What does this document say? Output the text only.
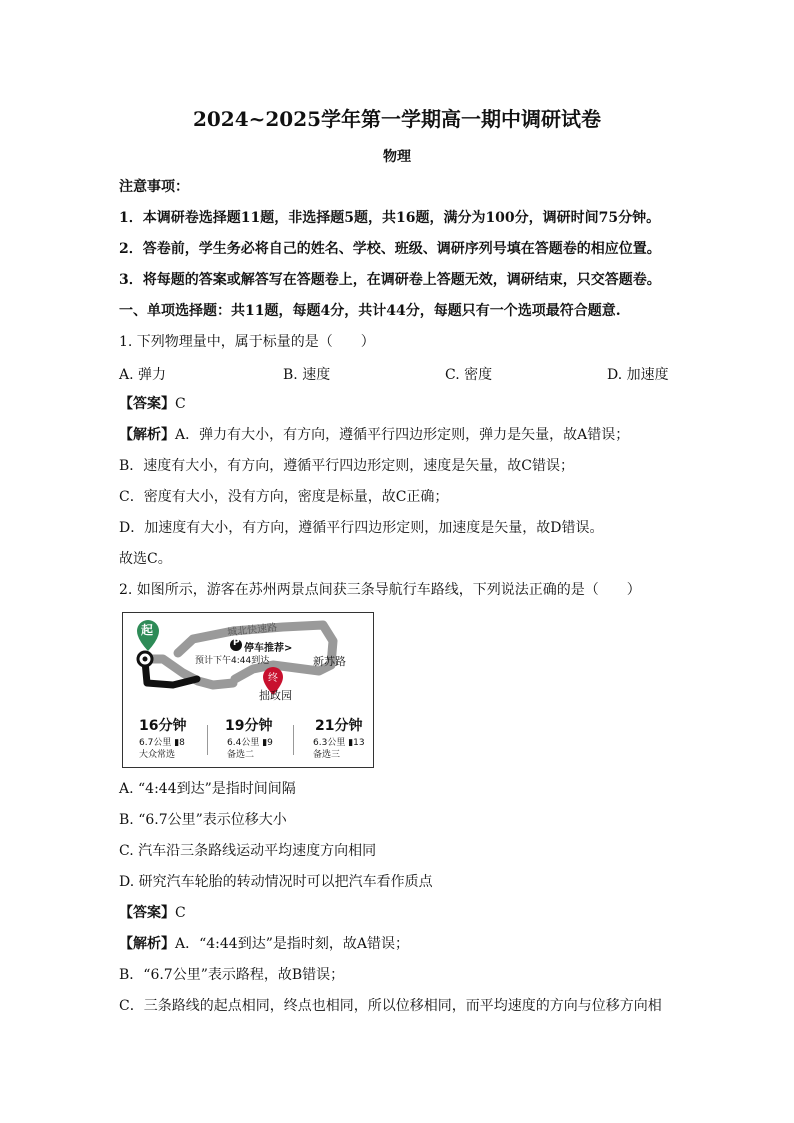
2024~2025学年第一学期高一期中调研试卷
物理
注意事项：
1．本调研卷选择题11题，非选择题5题，共16题，满分为100分，调研时间75分钟。
2．答卷前，学生务必将自己的姓名、学校、班级、调研序列号填在答题卷的相应位置。
3．将每题的答案或解答写在答题卷上，在调研卷上答题无效，调研结束，只交答题卷。
一、单项选择题：共11题，每题4分，共计44分，每题只有一个选项最符合题意.
1. 下列物理量中，属于标量的是（　　）
A. 弹力	B. 速度	C. 密度	D. 加速度
【答案】C
【解析】A．弹力有大小，有方向，遵循平行四边形定则，弹力是矢量，故A错误；
B．速度有大小，有方向，遵循平行四边形定则，速度是矢量，故C错误；
C．密度有大小，没有方向，密度是标量，故C正确；
D．加速度有大小，有方向，遵循平行四边形定则，加速度是矢量，故D错误。
故选C。
2. 如图所示，游客在苏州两景点间获三条导航行车路线，下列说法正确的是（　　）
起
终
城北快速路
P 停车推荐>
预计下午4:44到达	新苏路
拙政园
16分钟
6.7公里 ▮8
大众常选
19分钟
6.4公里 ▮9
备选二
21分钟
6.3公里 ▮13
备选三
A. “4:44到达”是指时间间隔
B. “6.7公里”表示位移大小
C. 汽车沿三条路线运动平均速度方向相同
D. 研究汽车轮胎的转动情况时可以把汽车看作质点
【答案】C
【解析】A．“4:44到达”是指时刻，故A错误；
B．“6.7公里”表示路程，故B错误；
C．三条路线的起点相同，终点也相同，所以位移相同，而平均速度的方向与位移方向相
